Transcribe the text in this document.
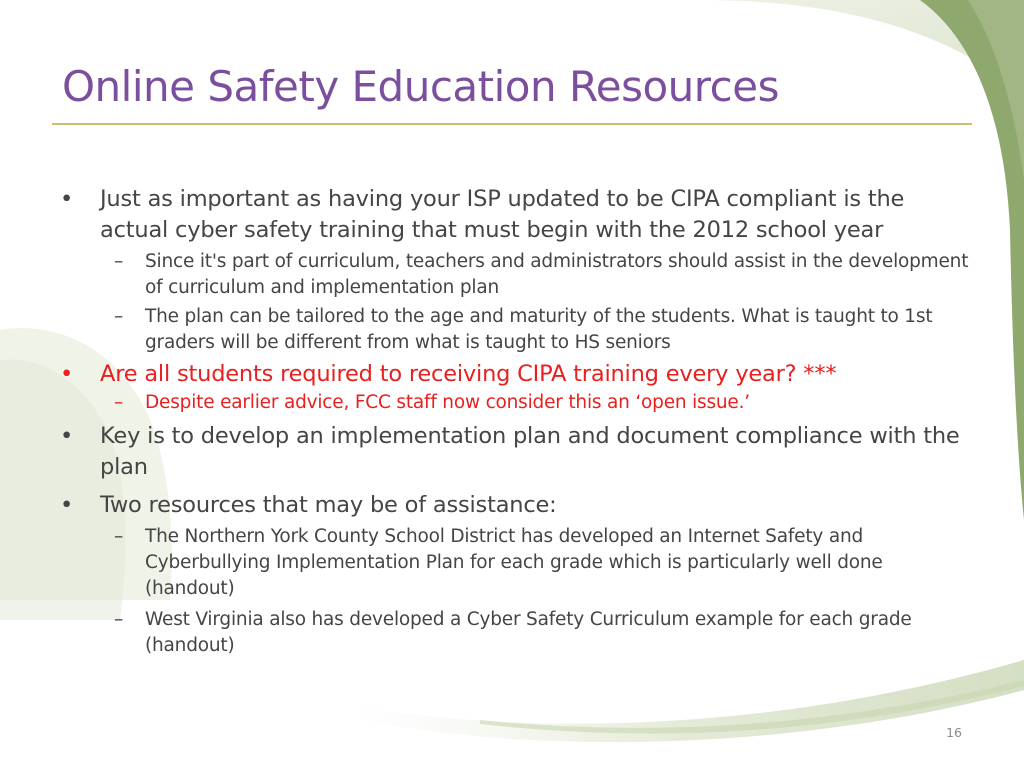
Online Safety Education Resources
• Just as important as having your ISP updated to be CIPA compliant is the actual cyber safety training that must begin with the 2012 school year
– Since it's part of curriculum, teachers and administrators should assist in the development of curriculum and implementation plan
– The plan can be tailored to the age and maturity of the students. What is taught to 1st graders will be different from what is taught to HS seniors
• Are all students required to receiving CIPA training every year? ***
– Despite earlier advice, FCC staff now consider this an ‘open issue.’
• Key is to develop an implementation plan and document compliance with the plan
• Two resources that may be of assistance:
– The Northern York County School District has developed an Internet Safety and Cyberbullying Implementation Plan for each grade which is particularly well done (handout)
– West Virginia also has developed a Cyber Safety Curriculum example for each grade (handout)
16
